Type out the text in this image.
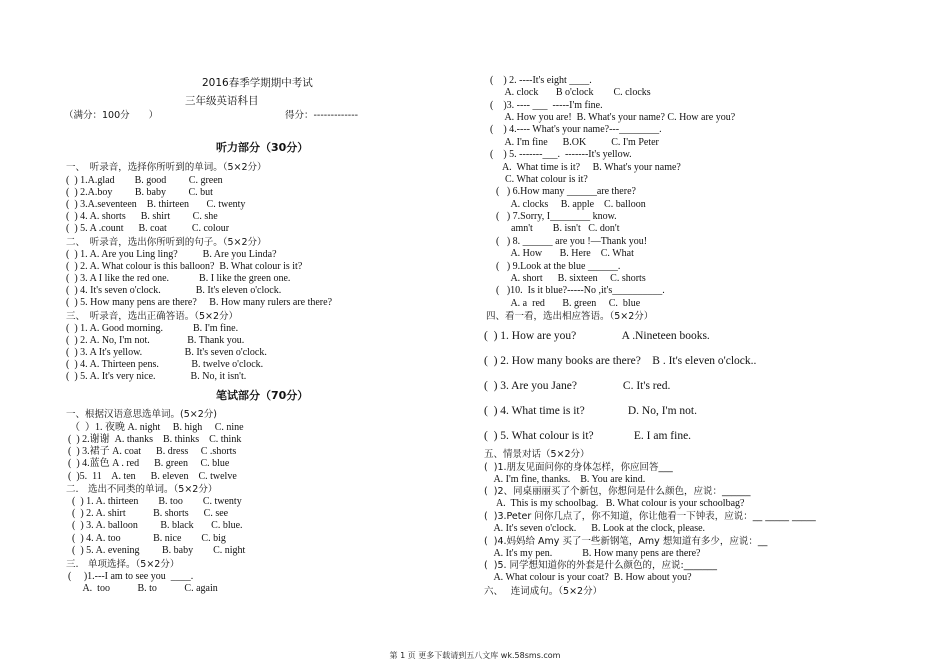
2016春季学期期中考试
三年级英语科目
（满分：100分　　）	得分：-------------
听力部分（30分）
一、　听录音，选择你所听到的单词。（5×2分）
(  ) 1.A.glad        B. good         C. green
(  ) 2.A.boy         B. baby         C. but
(  ) 3.A.seventeen    B. thirteen       C. twenty
(  ) 4. A. shorts      B. shirt         C. she
(  ) 5. A .count      B. coat          C. colour
二、　听录音，选出你所听到的句子。（5×2分）
(  ) 1. A. Are you Ling ling?          B. Are you Linda?
(  ) 2. A. What colour is this balloon?  B. What colour is it?
(  ) 3. A I like the red one.            B. I like the green one.
(  ) 4. It's seven o'clock.              B. It's eleven o'clock.
(  ) 5. How many pens are there?     B. How many rulers are there?
三、　听录音，选出正确答语。（5×2分）
(  ) 1. A. Good morning.            B. I'm fine.
(  ) 2. A. No, I'm not.               B. Thank you.
(  ) 3. A It's yellow.                 B. It's seven o'clock.
(  ) 4. A. Thirteen pens.             B. twelve o'clock.
(  ) 5. A. It's very nice.              B. No, it isn't.
笔试部分（70分）
一、根据汉语意思选单词。(5×2分)
（  ）1. 夜晚 A. night     B. high     C. nine
(  ) 2.谢谢  A. thanks    B. thinks    C. think
(  ) 3.裙子 A. coat      B. dress     C .shorts
(  ) 4.蓝色 A . red      B. green     C. blue
(  )5.  11    A. ten      B. eleven    C. twelve
二.　选出不同类的单词。（5×2分）
(  ) 1. A. thirteen        B. too        C. twenty
(  ) 2. A. shirt           B. shorts      C. see
(  ) 3. A. balloon         B. black       C. blue.
(  ) 4. A. too             B. nice        C. big
(  ) 5. A. evening         B. baby        C. night
三.　单项选择。（5×2分）
(     )1.---I am to see you  ____.
A.  too           B. to           C. again
(    ) 2. ----It's eight ____.
A. clock       B o'clock        C. clocks
(    )3. ---- ___  -----I'm fine.
A. How you are!  B. What's your name? C. How are you?
(    ) 4.---- What's your name?---________.
A. I'm fine      B.OK          C. I'm Peter
(    ) 5. -------___.  -------It's yellow.
A.  What time is it?     B. What's your name?
C. What colour is it?
(   ) 6.How many ______are there?
A. clocks     B. apple    C. balloon
(   ) 7.Sorry, I________ know.
amn't        B. isn't   C. don't
(   ) 8. ______ are you !—Thank you!
A. How       B. Here    C. What
(   ) 9.Look at the blue ______.
A. short      B. sixteen     C. shorts
(   )10.  Is it blue?-----No ,it's__________.
A. a  red       B. green     C.  blue
四、看一看，选出相应答语。（5×2分）
(  ) 1. How are you?                A .Nineteen books.
(  ) 2. How many books are there?    B . It's eleven o'clock..
(  ) 3. Are you Jane?                C. It's red.
(  ) 4. What time is it?               D. No, I'm not.
(  ) 5. What colour is it?              E. I am fine.
五、情景对话（5×2分）
(  )1.朋友见面问你的身体怎样，你应回答___
A. I'm fine, thanks.    B. You are kind.
(  )2、同桌丽丽买了个新包，你想问是什么颜色，应说：______
A.  This is my schoolbag.   B. What colour is your schoolbag?
(  )3.Peter 问你几点了，你不知道，你让他看一下钟表，应说：__ _____ _____
A. It's seven o'clock.      B. Look at the clock, please.
(  )4.妈妈给 Amy 买了一些新钢笔，Amy 想知道有多少，应说：__
A. It's my pen.            B. How many pens are there?
(  )5. 同学想知道你的外套是什么颜色的，应说:_______
A. What colour is your coat?  B. How about you?
六、　 连词成句。（5×2分）
第 1 页 更多下载请到五八文库 wk.58sms.com
